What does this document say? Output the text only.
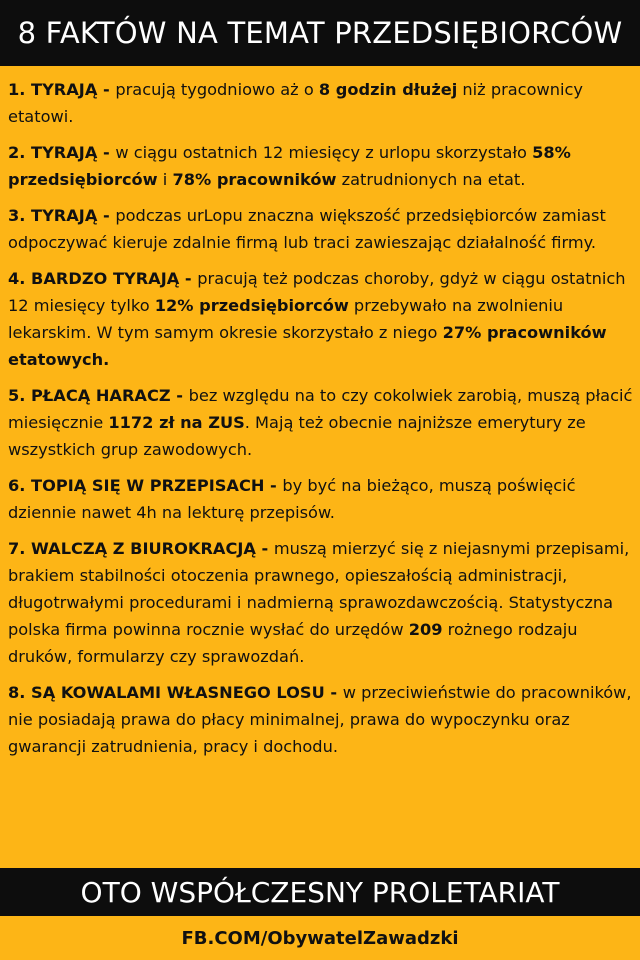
8 FAKTÓW NA TEMAT PRZEDSIĘBIORCÓW

1. TYRAJĄ - pracują tygodniowo aż o 8 godzin dłużej niż pracownicy etatowi.

2. TYRAJĄ - w ciągu ostatnich 12 miesięcy z urlopu skorzystało 58% przedsiębiorców i 78% pracowników zatrudnionych na etat.

3. TYRAJĄ - podczas urLopu znaczna większość przedsiębiorców zamiast odpoczywać kieruje zdalnie firmą lub traci zawieszając działalność firmy.

4. BARDZO TYRAJĄ - pracują też podczas choroby, gdyż w ciągu ostatnich 12 miesięcy tylko 12% przedsiębiorców przebywało na zwolnieniu lekarskim. W tym samym okresie skorzystało z niego 27% pracowników etatowych.

5. PŁACĄ HARACZ - bez względu na to czy cokolwiek zarobią, muszą płacić miesięcznie 1172 zł na ZUS. Mają też obecnie najniższe emerytury ze wszystkich grup zawodowych.

6. TOPIĄ SIĘ W PRZEPISACH - by być na bieżąco, muszą poświęcić dziennie nawet 4h na lekturę przepisów.

7. WALCZĄ Z BIUROKRACJĄ - muszą mierzyć się z niejasnymi przepisami, brakiem stabilności otoczenia prawnego, opieszałością administracji, długotrwałymi procedurami i nadmierną sprawozdawczością. Statystyczna polska firma powinna rocznie wysłać do urzędów 209 rożnego rodzaju druków, formularzy czy sprawozdań.

8. SĄ KOWALAMI WŁASNEGO LOSU - w przeciwieństwie do pracowników, nie posiadają prawa do płacy minimalnej, prawa do wypoczynku oraz gwarancji zatrudnienia, pracy i dochodu.

OTO WSPÓŁCZESNY PROLETARIAT
FB.COM/ObywatelZawadzki
